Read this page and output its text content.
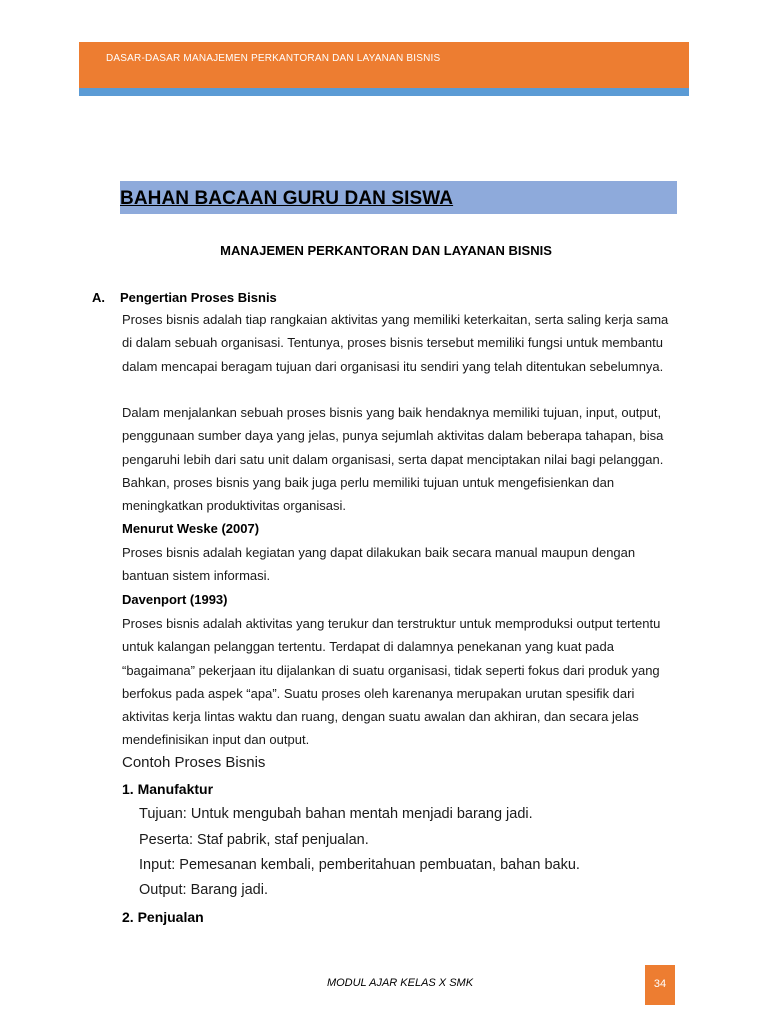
DASAR-DASAR MANAJEMEN PERKANTORAN DAN LAYANAN BISNIS
BAHAN BACAAN GURU DAN SISWA
MANAJEMEN PERKANTORAN DAN LAYANAN BISNIS
A. Pengertian Proses Bisnis
Proses bisnis adalah tiap rangkaian aktivitas yang memiliki keterkaitan, serta saling kerja sama di dalam sebuah organisasi. Tentunya, proses bisnis tersebut memiliki fungsi untuk membantu dalam mencapai beragam tujuan dari organisasi itu sendiri yang telah ditentukan sebelumnya.
Dalam menjalankan sebuah proses bisnis yang baik hendaknya memiliki tujuan, input, output, penggunaan sumber daya yang jelas, punya sejumlah aktivitas dalam beberapa tahapan, bisa pengaruhi lebih dari satu unit dalam organisasi, serta dapat menciptakan nilai bagi pelanggan. Bahkan, proses bisnis yang baik juga perlu memiliki tujuan untuk mengefisienkan dan meningkatkan produktivitas organisasi.
Menurut Weske (2007)
Proses bisnis adalah kegiatan yang dapat dilakukan baik secara manual maupun dengan bantuan sistem informasi.
Davenport (1993)
Proses bisnis adalah aktivitas yang terukur dan terstruktur untuk memproduksi output tertentu untuk kalangan pelanggan tertentu. Terdapat di dalamnya penekanan yang kuat pada “bagaimana” pekerjaan itu dijalankan di suatu organisasi, tidak seperti fokus dari produk yang berfokus pada aspek “apa”. Suatu proses oleh karenanya merupakan urutan spesifik dari aktivitas kerja lintas waktu dan ruang, dengan suatu awalan dan akhiran, dan secara jelas mendefinisikan input dan output.
Contoh Proses Bisnis
1. Manufaktur
Tujuan: Untuk mengubah bahan mentah menjadi barang jadi.
Peserta: Staf pabrik, staf penjualan.
Input: Pemesanan kembali, pemberitahuan pembuatan, bahan baku.
Output: Barang jadi.
2. Penjualan
MODUL AJAR KELAS X SMK	34
